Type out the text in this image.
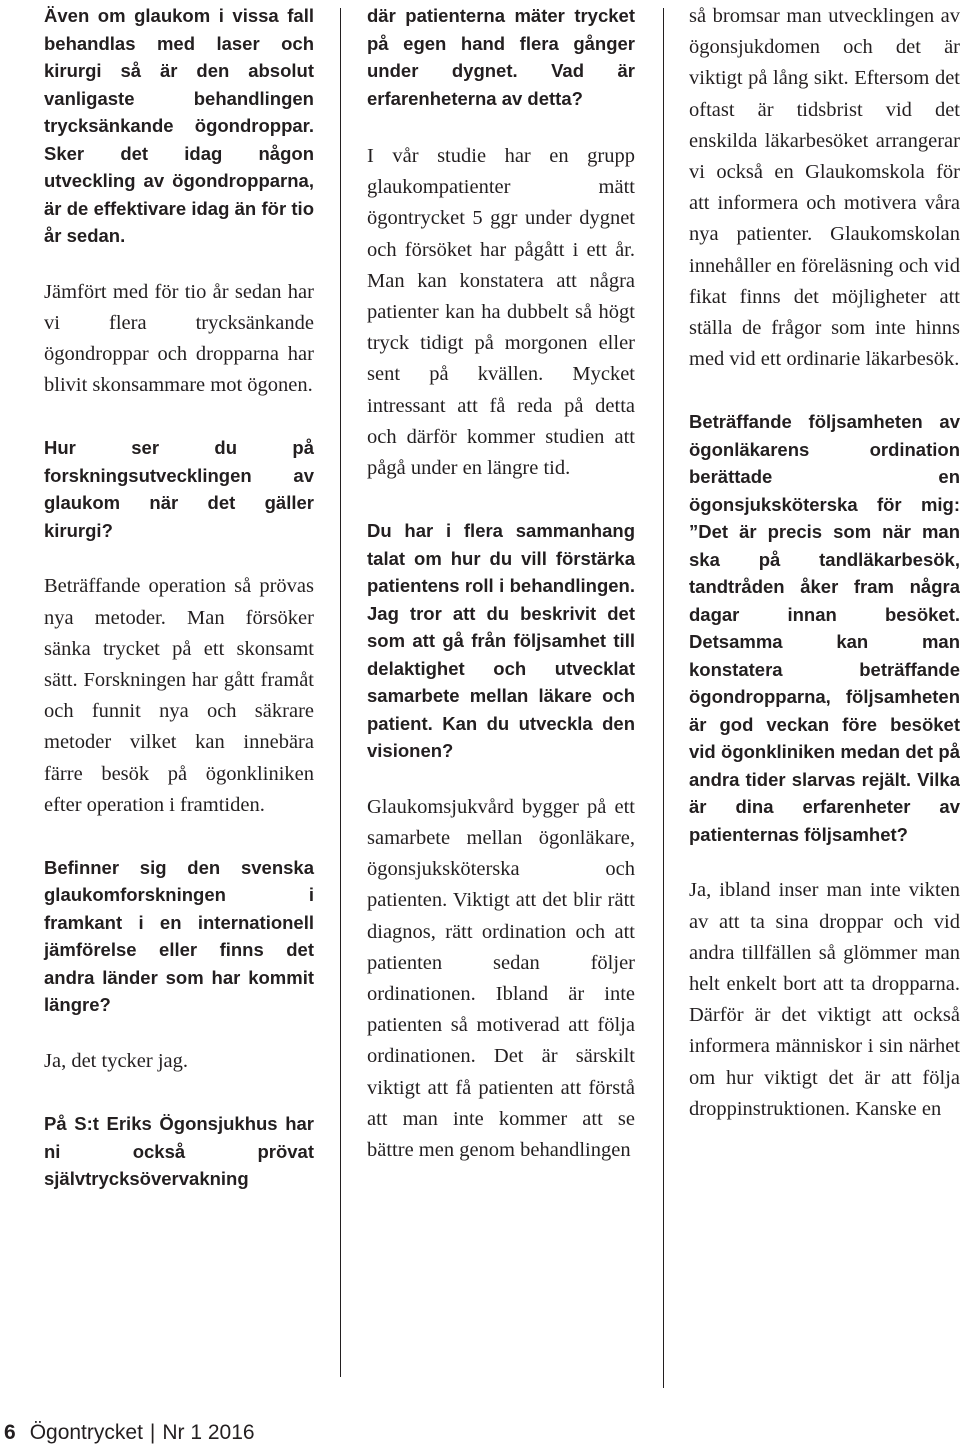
Även om glaukom i vissa fall behandlas med laser och kirurgi så är den absolut vanligaste behandlingen trycksänkande ögondroppar. Sker det idag någon utveckling av ögondropparna, är de effektivare idag än för tio år sedan.

Jämfört med för tio år sedan har vi flera trycksänkande ögondroppar och dropparna har blivit skonsammare mot ögonen.

Hur ser du på forskningsutvecklingen av glaukom när det gäller kirurgi?

Beträffande operation så prövas nya metoder. Man försöker sänka trycket på ett skonsamt sätt. Forskningen har gått framåt och funnit nya och säkrare metoder vilket kan innebära färre besök på ögonkliniken efter operation i framtiden.

Befinner sig den svenska glaukomforskningen i framkant i en internationell jämförelse eller finns det andra länder som har kommit längre?

Ja, det tycker jag.

På S:t Eriks Ögonsjukhus har ni också prövat självtrycksövervakning

där patienterna mäter trycket på egen hand flera gånger under dygnet. Vad är erfarenheterna av detta?

I vår studie har en grupp glaukompatienter mätt ögontrycket 5 ggr under dygnet och försöket har pågått i ett år. Man kan konstatera att några patienter kan ha dubbelt så högt tryck tidigt på morgonen eller sent på kvällen. Mycket intressant att få reda på detta och därför kommer studien att pågå under en längre tid.

Du har i flera sammanhang talat om hur du vill förstärka patientens roll i behandlingen. Jag tror att du beskrivit det som att gå från följsamhet till delaktighet och utvecklat samarbete mellan läkare och patient. Kan du utveckla den visionen?

Glaukomsjukvård bygger på ett samarbete mellan ögonläkare, ögonsjuksköterska och patienten. Viktigt att det blir rätt diagnos, rätt ordination och att patienten sedan följer ordinationen. Ibland är inte patienten så motiverad att följa ordinationen. Det är särskilt viktigt att få patienten att förstå att man inte kommer att se bättre men genom behandlingen

så bromsar man utvecklingen av ögonsjukdomen och det är viktigt på lång sikt. Eftersom det oftast är tidsbrist vid det enskilda läkarbesöket arrangerar vi också en Glaukomskola för att informera och motivera våra nya patienter. Glaukomskolan innehåller en föreläsning och vid fikat finns det möjligheter att ställa de frågor som inte hinns med vid ett ordinarie läkarbesök.

Beträffande följsamheten av ögonläkarens ordination berättade en ögonsjuksköterska för mig: ”Det är precis som när man ska på tandläkarbesök, tandtråden åker fram några dagar innan besöket. Detsamma kan man konstatera beträffande ögondropparna, följsamheten är god veckan före besöket vid ögonkliniken medan det på andra tider slarvas rejält. Vilka är dina erfarenheter av patienternas följsamhet?

Ja, ibland inser man inte vikten av att ta sina droppar och vid andra tillfällen så glömmer man helt enkelt bort att ta dropparna. Därför är det viktigt att också informera människor i sin närhet om hur viktigt det är att följa droppinstruktionen. Kanske en

6 Ögontrycket | Nr 1 2016
